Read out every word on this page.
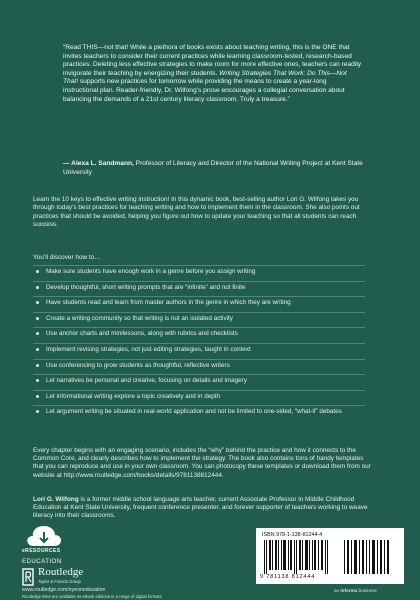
“Read THIS—not that! While a plethora of books exists about teaching writing, this is the ONE that invites teachers to consider their current practices while learning classroom-tested, research-based practices. Deleting less effective strategies to make room for more effective ones, teachers can readily invigorate their teaching by energizing their students. Writing Strategies That Work: Do This—Not That! supports new practices for tomorrow while providing the means to create a year-long instructional plan. Reader-friendly, Dr. Wilfong’s prose encourages a collegial conversation about balancing the demands of a 21st century literacy classroom. Truly a treasure.”
— Alexa L. Sandmann, Professor of Literacy and Director of the National Writing Project at Kent State University
Learn the 10 keys to effective writing instruction! In this dynamic book, best-selling author Lori G. Wilfong takes you through today’s best practices for teaching writing and how to implement them in the classroom. She also points out practices that should be avoided, helping you figure out how to update your teaching so that all students can reach success.
You’ll discover how to…
Make sure students have enough work in a genre before you assign writing
Develop thoughtful, short writing prompts that are “infinite” and not finite
Have students read and learn from master authors in the genre in which they are writing
Create a writing community so that writing is not an isolated activity
Use anchor charts and minilessons, along with rubrics and checklists
Implement revising strategies, not just editing strategies, taught in context
Use conferencing to grow students as thoughtful, reflective writers
Let narratives be personal and creative, focusing on details and imagery
Let informational writing explore a topic creatively and in depth
Let argument writing be situated in real-world application and not be limited to one-sided, “what-if” debates
Every chapter begins with an engaging scenario, includes the “why” behind the practice and how it connects to the Common Core, and clearly describes how to implement the strategy. The book also contains tons of handy templates that you can reproduce and use in your own classroom. You can photocopy these templates or download them from our website at http://www.routledge.com/books/details/9781138812444.
Lori G. Wilfong is a former middle school language arts teacher, current Associate Professor in Middle Childhood Education at Kent State University, frequent conference presenter, and forever supporter of teachers working to weave literacy into their classrooms.
eRESOURCES
EDUCATION
Routledge
Taylor & Francis Group
www.routledge.com/eyeoneducation
Routledge titles are available as eBook editions in a range of digital formats
ISBN 978-1-138-81244-4
9 781138 812444
an informa business
